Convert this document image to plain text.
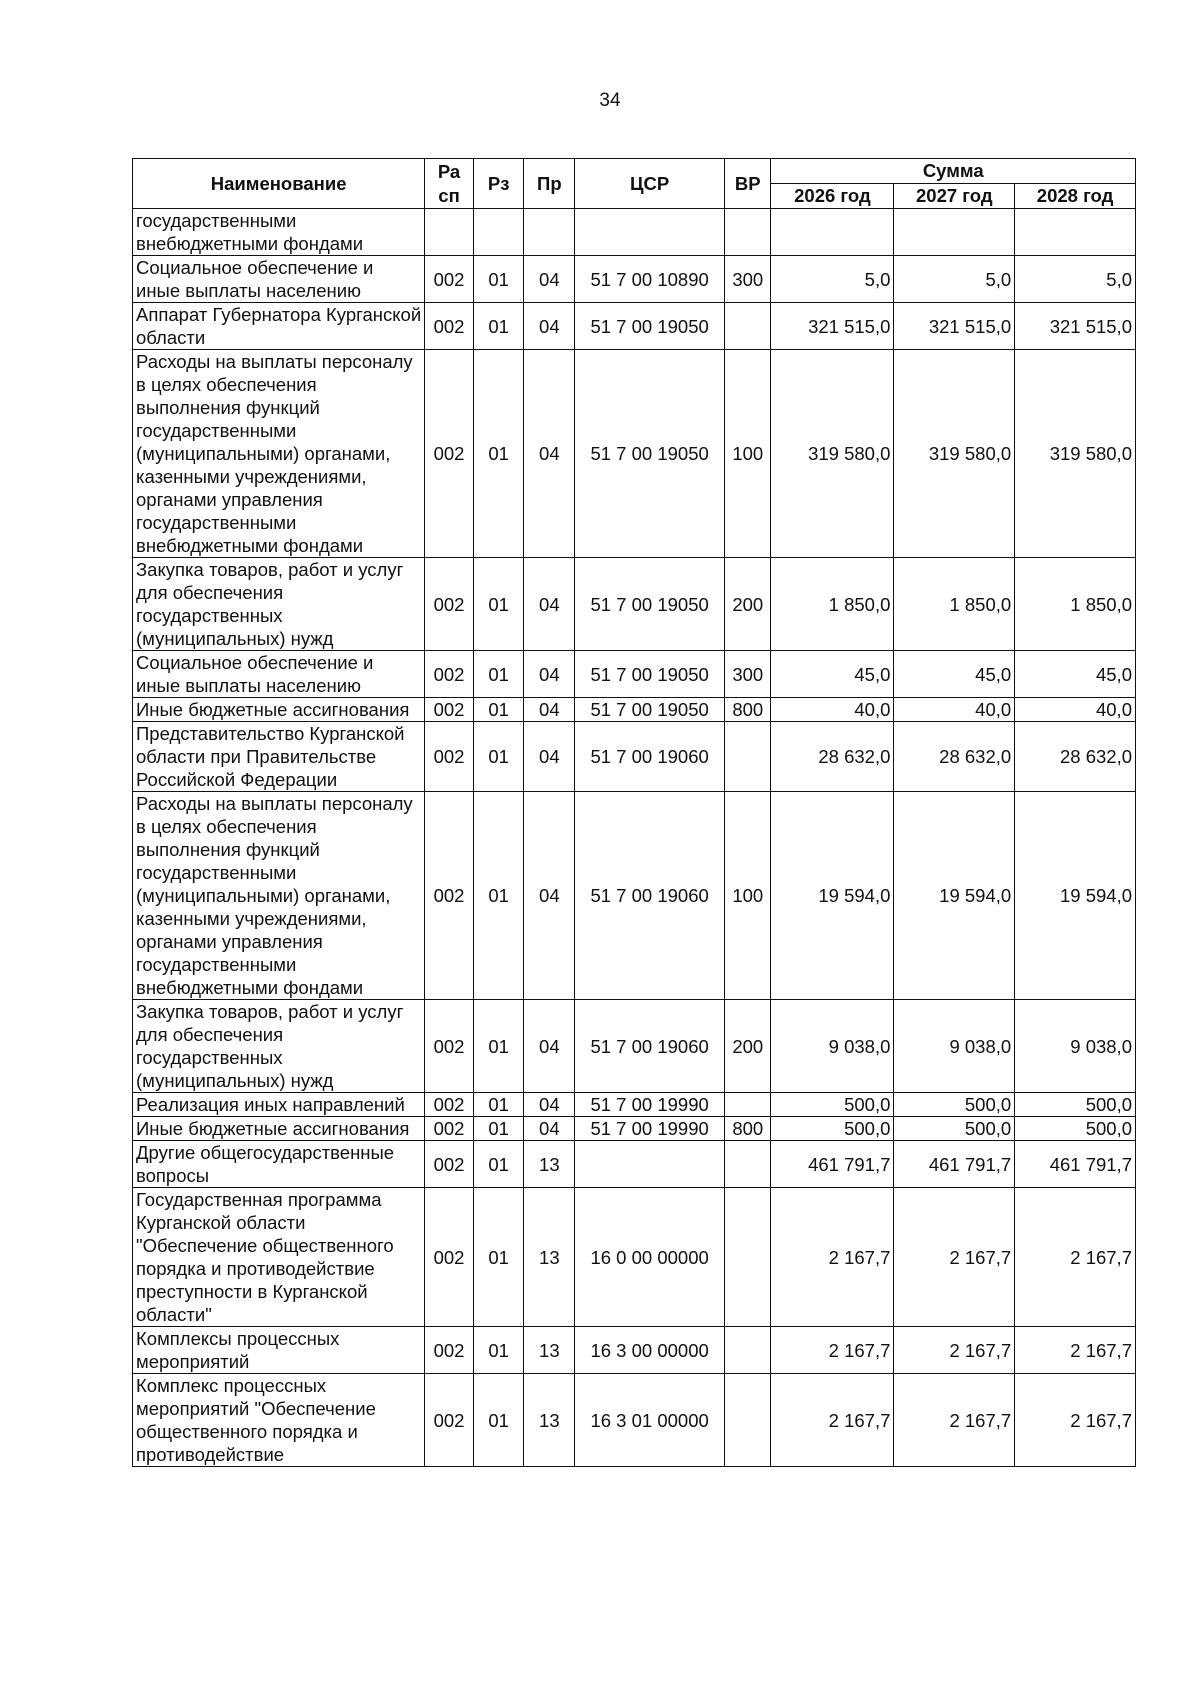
34
Наименование	Ра сп	Рз	Пр	ЦСР	ВР	Сумма		
						2026 год	2027 год	2028 год
государственными внебюджетными фондами								
Социальное обеспечение и иные выплаты населению	002	01	04	51 7 00 10890	300	5,0	5,0	5,0
Аппарат Губернатора Курганской области	002	01	04	51 7 00 19050		321 515,0	321 515,0	321 515,0
Расходы на выплаты персоналу в целях обеспечения выполнения функций государственными (муниципальными) органами, казенными учреждениями, органами управления государственными внебюджетными фондами	002	01	04	51 7 00 19050	100	319 580,0	319 580,0	319 580,0
Закупка товаров, работ и услуг для обеспечения государственных (муниципальных) нужд	002	01	04	51 7 00 19050	200	1 850,0	1 850,0	1 850,0
Социальное обеспечение и иные выплаты населению	002	01	04	51 7 00 19050	300	45,0	45,0	45,0
Иные бюджетные ассигнования	002	01	04	51 7 00 19050	800	40,0	40,0	40,0
Представительство Курганской области при Правительстве Российской Федерации	002	01	04	51 7 00 19060		28 632,0	28 632,0	28 632,0
Расходы на выплаты персоналу в целях обеспечения выполнения функций государственными (муниципальными) органами, казенными учреждениями, органами управления государственными внебюджетными фондами	002	01	04	51 7 00 19060	100	19 594,0	19 594,0	19 594,0
Закупка товаров, работ и услуг для обеспечения государственных (муниципальных) нужд	002	01	04	51 7 00 19060	200	9 038,0	9 038,0	9 038,0
Реализация иных направлений	002	01	04	51 7 00 19990		500,0	500,0	500,0
Иные бюджетные ассигнования	002	01	04	51 7 00 19990	800	500,0	500,0	500,0
Другие общегосударственные вопросы	002	01	13			461 791,7	461 791,7	461 791,7
Государственная программа Курганской области "Обеспечение общественного порядка и противодействие преступности в Курганской области"	002	01	13	16 0 00 00000		2 167,7	2 167,7	2 167,7
Комплексы процессных мероприятий	002	01	13	16 3 00 00000		2 167,7	2 167,7	2 167,7
Комплекс процессных мероприятий "Обеспечение общественного порядка и противодействие	002	01	13	16 3 01 00000		2 167,7	2 167,7	2 167,7
